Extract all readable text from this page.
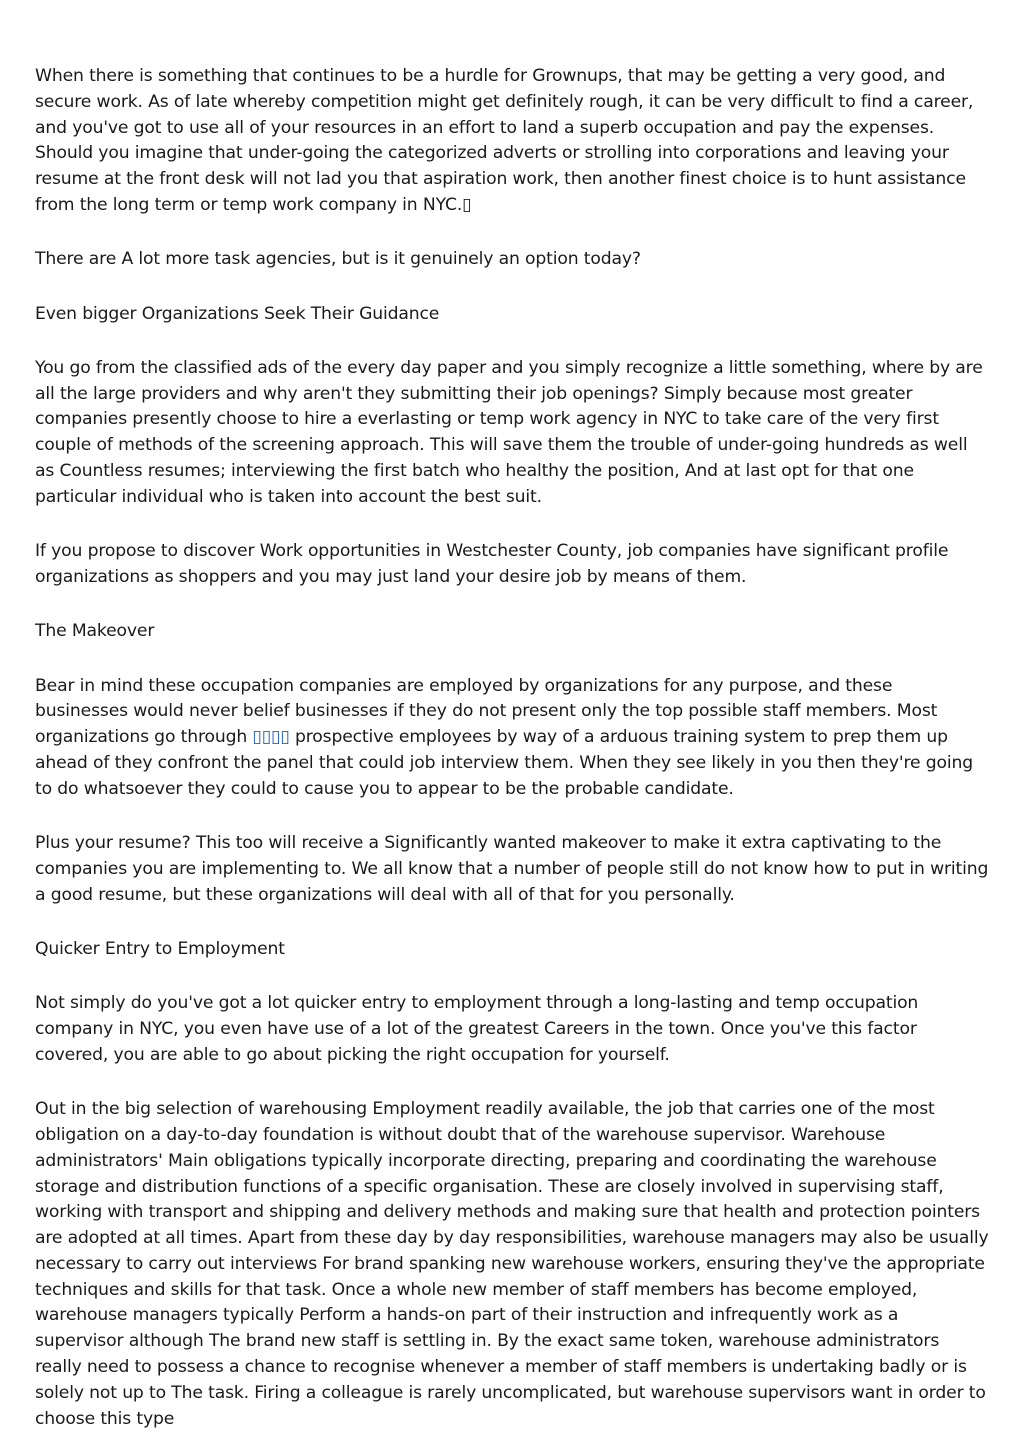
When there is something that continues to be a hurdle for Grownups, that may be getting a very good, and secure work. As of late whereby competition might get definitely rough, it can be very difficult to find a career, and you've got to use all of your resources in an effort to land a superb occupation and pay the expenses. Should you imagine that under-going the categorized adverts or strolling into corporations and leaving your resume at the front desk will not lad you that aspiration work, then another finest choice is to hunt assistance from the long term or temp work company in NYC.▯

There are A lot more task agencies, but is it genuinely an option today?

Even bigger Organizations Seek Their Guidance

You go from the classified ads of the every day paper and you simply recognize a little something, where by are all the large providers and why aren't they submitting their job openings? Simply because most greater companies presently choose to hire a everlasting or temp work agency in NYC to take care of the very first couple of methods of the screening approach. This will save them the trouble of under-going hundreds as well as Countless resumes; interviewing the first batch who healthy the position, And at last opt for that one particular individual who is taken into account the best suit.

If you propose to discover Work opportunities in Westchester County, job companies have significant profile organizations as shoppers and you may just land your desire job by means of them.

The Makeover

Bear in mind these occupation companies are employed by organizations for any purpose, and these businesses would never belief businesses if they do not present only the top possible staff members. Most organizations go through ▯▯▯▯ prospective employees by way of a arduous training system to prep them up ahead of they confront the panel that could job interview them. When they see likely in you then they're going to do whatsoever they could to cause you to appear to be the probable candidate.

Plus your resume? This too will receive a Significantly wanted makeover to make it extra captivating to the companies you are implementing to. We all know that a number of people still do not know how to put in writing a good resume, but these organizations will deal with all of that for you personally.

Quicker Entry to Employment

Not simply do you've got a lot quicker entry to employment through a long-lasting and temp occupation company in NYC, you even have use of a lot of the greatest Careers in the town. Once you've this factor covered, you are able to go about picking the right occupation for yourself.

Out in the big selection of warehousing Employment readily available, the job that carries one of the most obligation on a day-to-day foundation is without doubt that of the warehouse supervisor. Warehouse administrators' Main obligations typically incorporate directing, preparing and coordinating the warehouse storage and distribution functions of a specific organisation. These are closely involved in supervising staff, working with transport and shipping and delivery methods and making sure that health and protection pointers are adopted at all times. Apart from these day by day responsibilities, warehouse managers may also be usually necessary to carry out interviews For brand spanking new warehouse workers, ensuring they've the appropriate techniques and skills for that task. Once a whole new member of staff members has become employed, warehouse managers typically Perform a hands-on part of their instruction and infrequently work as a supervisor although The brand new staff is settling in. By the exact same token, warehouse administrators really need to possess a chance to recognise whenever a member of staff members is undertaking badly or is solely not up to The task. Firing a colleague is rarely uncomplicated, but warehouse supervisors want in order to choose this type
